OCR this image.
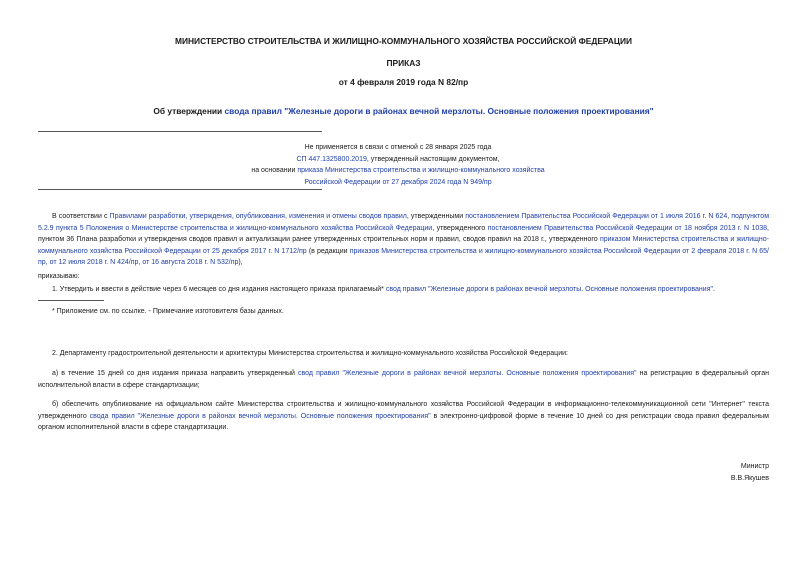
МИНИСТЕРСТВО СТРОИТЕЛЬСТВА И ЖИЛИЩНО-КОММУНАЛЬНОГО ХОЗЯЙСТВА РОССИЙСКОЙ ФЕДЕРАЦИИ
ПРИКАЗ
от 4 февраля 2019 года N 82/пр
Об утверждении свода правил "Железные дороги в районах вечной мерзлоты. Основные положения проектирования"
Не применяется в связи с отменой с 28 января 2025 года
СП 447.1325800.2019, утвержденный настоящим документом,
на основании приказа Министерства строительства и жилищно-коммунального хозяйства
Российской Федерации от 27 декабря 2024 года N 949/пр
В соответствии с Правилами разработки, утверждения, опубликования, изменения и отмены сводов правил, утвержденными постановлением Правительства Российской Федерации от 1 июля 2016 г. N 624, подпунктом 5.2.9 пункта 5 Положения о Министерстве строительства и жилищно-коммунального хозяйства Российской Федерации, утвержденного постановлением Правительства Российской Федерации от 18 ноября 2013 г. N 1038, пунктом 36 Плана разработки и утверждения сводов правил и актуализации ранее утвержденных строительных норм и правил, сводов правил на 2018 г., утвержденного приказом Министерства строительства и жилищно-коммунального хозяйства Российской Федерации от 25 декабря 2017 г. N 1712/пр (в редакции приказов Министерства строительства и жилищно-коммунального хозяйства Российской Федерации от 2 февраля 2018 г. N 65/пр, от 12 июля 2018 г. N 424/пр, от 16 августа 2018 г. N 532/пр),
приказываю:
1. Утвердить и ввести в действие через 6 месяцев со дня издания настоящего приказа прилагаемый* свод правил "Железные дороги в районах вечной мерзлоты. Основные положения проектирования".
* Приложение см. по ссылке. - Примечание изготовителя базы данных.
2. Департаменту градостроительной деятельности и архитектуры Министерства строительства и жилищно-коммунального хозяйства Российской Федерации:
а) в течение 15 дней со дня издания приказа направить утвержденный свод правил "Железные дороги в районах вечной мерзлоты. Основные положения проектирования" на регистрацию в федеральный орган исполнительной власти в сфере стандартизации;
б) обеспечить опубликование на официальном сайте Министерства строительства и жилищно-коммунального хозяйства Российской Федерации в информационно-телекоммуникационной сети "Интернет" текста утвержденного свода правил "Железные дороги в районах вечной мерзлоты. Основные положения проектирования" в электронно-цифровой форме в течение 10 дней со дня регистрации свода правил федеральным органом исполнительной власти в сфере стандартизации.
Министр
В.В.Якушев
